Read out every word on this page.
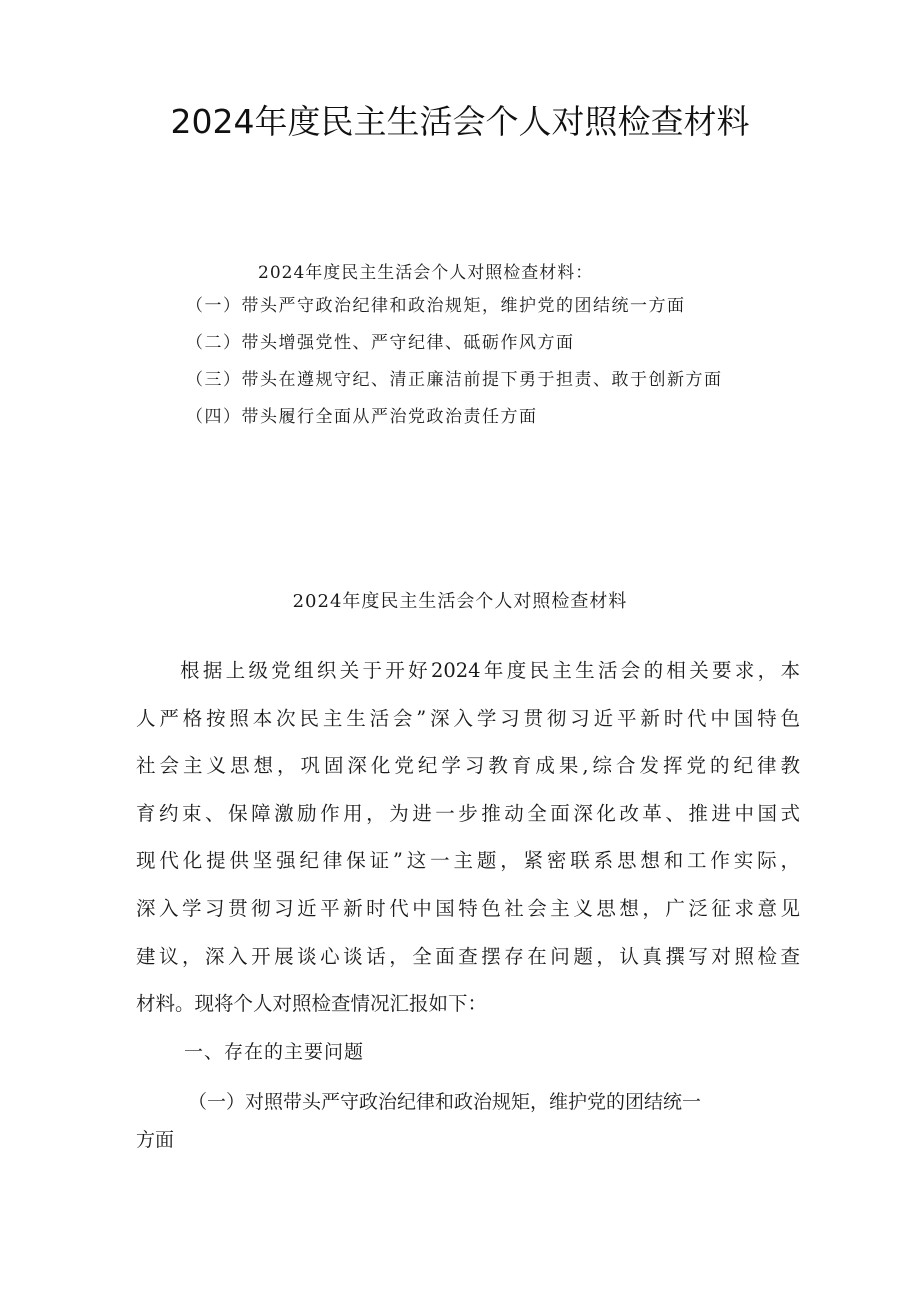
2024年度民主生活会个人对照检查材料

2024年度民主生活会个人对照检查材料：

（一）带头严守政治纪律和政治规矩，维护党的团结统一方面

（二）带头增强党性、严守纪律、砥砺作风方面

（三）带头在遵规守纪、清正廉洁前提下勇于担责、敢于创新方面

（四）带头履行全面从严治党政治责任方面

2024年度民主生活会个人对照检查材料
根据上级党组织关于开好2024年度民主生活会的相关要求，本
人严格按照本次民主生活会”深入学习贯彻习近平新时代中国特色
社会主义思想，巩固深化党纪学习教育成果,综合发挥党的纪律教
育约束、保障激励作用，为进一步推动全面深化改革、推进中国式
现代化提供坚强纪律保证”这一主题，紧密联系思想和工作实际，
深入学习贯彻习近平新时代中国特色社会主义思想，广泛征求意见
建议，深入开展谈心谈话，全面查摆存在问题，认真撰写对照检查
材料。现将个人对照检查情况汇报如下：
一、存在的主要问题
（一）对照带头严守政治纪律和政治规矩，维护党的团结统一
方面
